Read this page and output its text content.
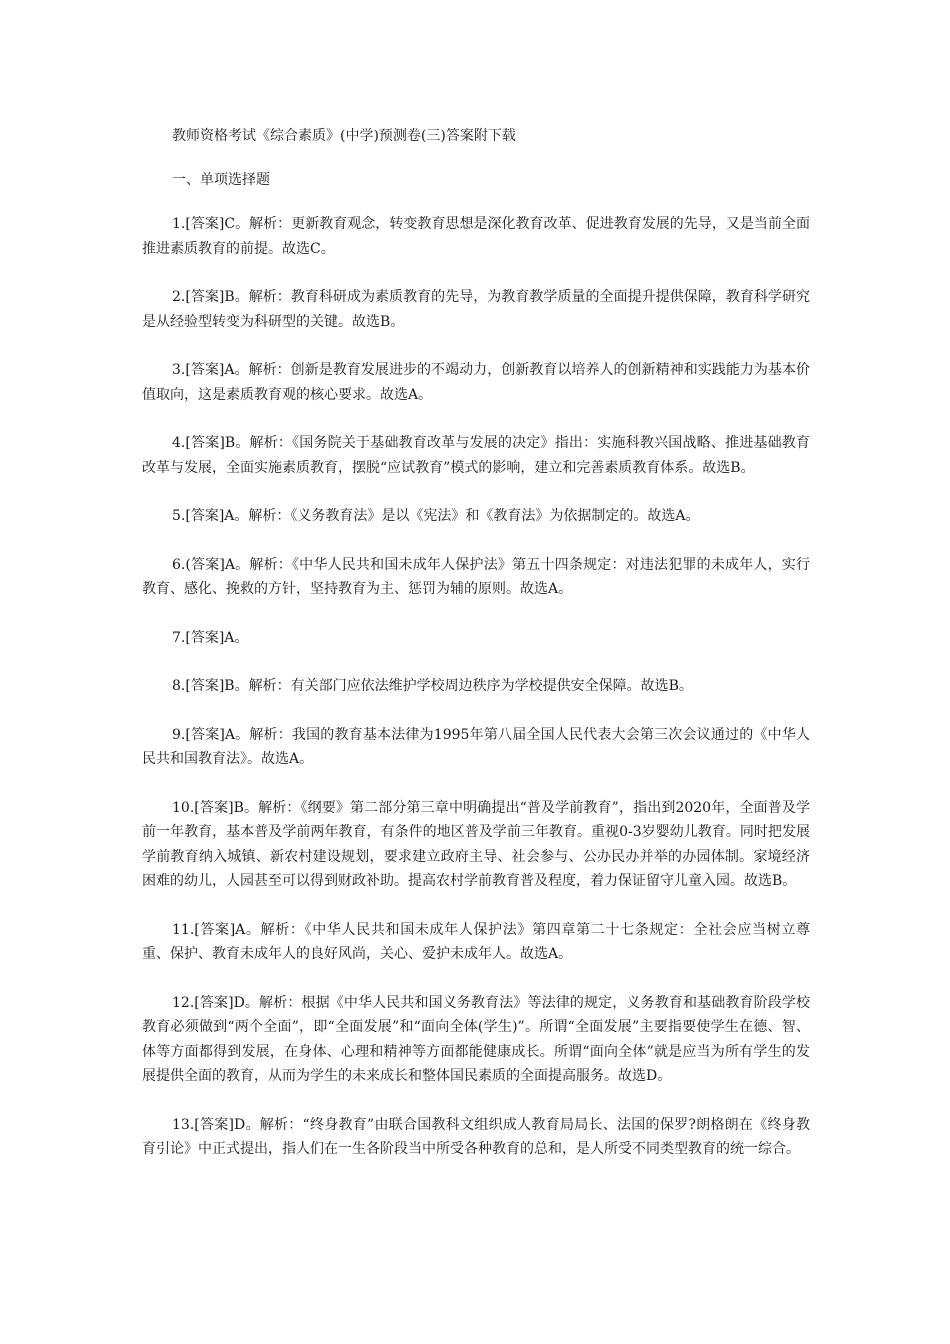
教师资格考试《综合素质》(中学)预测卷(三)答案附下载
一、单项选择题

1.[答案]C。解析：更新教育观念，转变教育思想是深化教育改革、促进教育发展的先导，又是当前全面推进素质教育的前提。故选C。

2.[答案]B。解析：教育科研成为素质教育的先导，为教育教学质量的全面提升提供保障，教育科学研究是从经验型转变为科研型的关键。故选B。

3.[答案]A。解析：创新是教育发展进步的不竭动力，创新教育以培养人的创新精神和实践能力为基本价值取向，这是素质教育观的核心要求。故选A。

4.[答案]B。解析：《国务院关于基础教育改革与发展的决定》指出：实施科教兴国战略、推进基础教育改革与发展，全面实施素质教育，摆脱“应试教育”模式的影响，建立和完善素质教育体系。故选B。

5.[答案]A。解析：《义务教育法》是以《宪法》和《教育法》为依据制定的。故选A。

6.(答案]A。解析：《中华人民共和国未成年人保护法》第五十四条规定：对违法犯罪的未成年人，实行教育、感化、挽救的方针，坚持教育为主、惩罚为辅的原则。故选A。

7.[答案]A。

8.[答案]B。解析：有关部门应依法维护学校周边秩序为学校提供安全保障。故选B。

9.[答案]A。解析：我国的教育基本法律为1995年第八届全国人民代表大会第三次会议通过的《中华人民共和国教育法》。故选A。

10.[答案]B。解析：《纲要》第二部分第三章中明确提出“普及学前教育”，指出到2020年，全面普及学前一年教育，基本普及学前两年教育，有条件的地区普及学前三年教育。重视0-3岁婴幼儿教育。同时把发展学前教育纳入城镇、新农村建设规划，要求建立政府主导、社会参与、公办民办并举的办园体制。家境经济困难的幼儿，人园甚至可以得到财政补助。提高农村学前教育普及程度，着力保证留守儿童入园。故选B。

11.[答案]A。解析：《中华人民共和国未成年人保护法》第四章第二十七条规定：全社会应当树立尊重、保护、教育未成年人的良好风尚，关心、爱护未成年人。故选A。

12.[答案]D。解析：根据《中华人民共和国义务教育法》等法律的规定，义务教育和基础教育阶段学校教育必须做到“两个全面”，即“全面发展”和“面向全体(学生)”。所谓“全面发展”主要指要使学生在德、智、体等方面都得到发展，在身体、心理和精神等方面都能健康成长。所谓“面向全体”就是应当为所有学生的发展提供全面的教育，从而为学生的未来成长和整体国民素质的全面提高服务。故选D。

13.[答案]D。解析：“终身教育”由联合国教科文组织成人教育局局长、法国的保罗?朗格朗在《终身教育引论》中正式提出，指人们在一生各阶段当中所受各种教育的总和，是人所受不同类型教育的统一综合。
